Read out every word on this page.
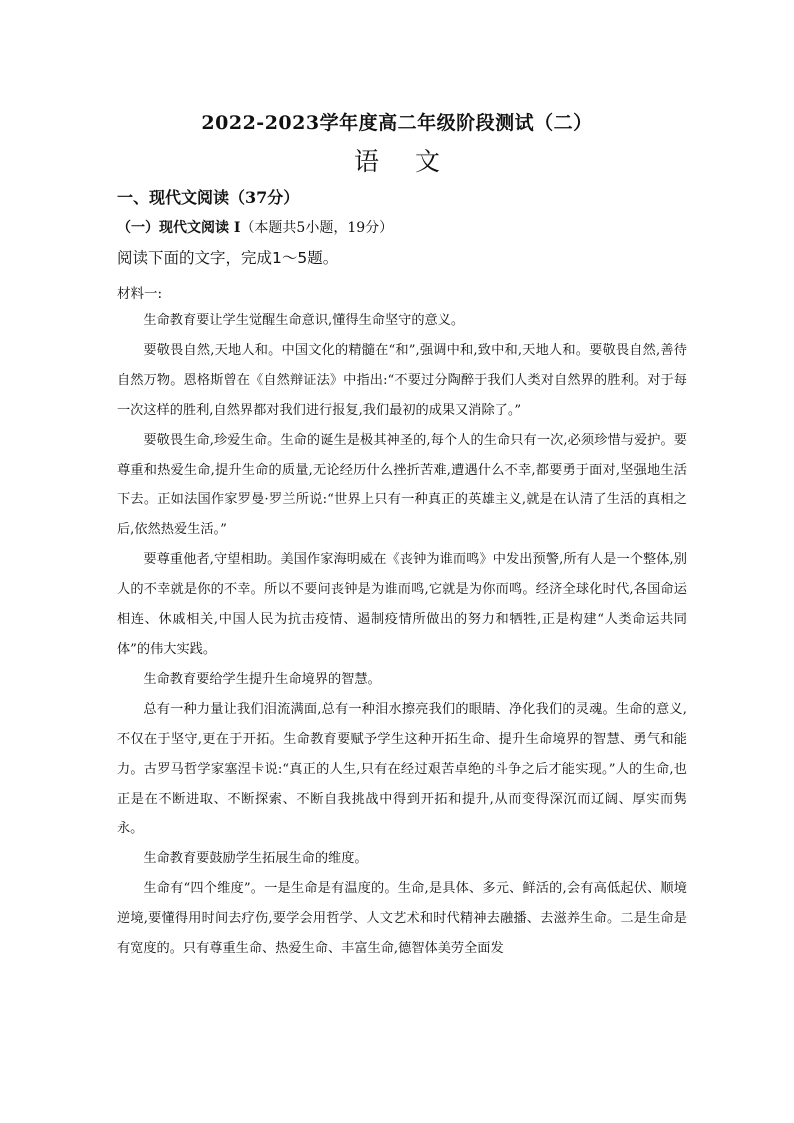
2022-2023学年度高二年级阶段测试（二）
语 文
一、现代文阅读（37分）
（一）现代文阅读 I（本题共5小题，19分）
阅读下面的文字，完成1～5题。
材料一:

生命教育要让学生觉醒生命意识,懂得生命坚守的意义。

要敬畏自然,天地人和。中国文化的精髓在“和”,强调中和,致中和,天地人和。要敬畏自然,善待自然万物。恩格斯曾在《自然辩证法》中指出:“不要过分陶醉于我们人类对自然界的胜利。对于每一次这样的胜利,自然界都对我们进行报复,我们最初的成果又消除了。”

要敬畏生命,珍爱生命。生命的诞生是极其神圣的,每个人的生命只有一次,必须珍惜与爱护。要尊重和热爱生命,提升生命的质量,无论经历什么挫折苦难,遭遇什么不幸,都要勇于面对,坚强地生活下去。正如法国作家罗曼·罗兰所说:“世界上只有一种真正的英雄主义,就是在认清了生活的真相之后,依然热爱生活。”

要尊重他者,守望相助。美国作家海明威在《丧钟为谁而鸣》中发出预警,所有人是一个整体,别人的不幸就是你的不幸。所以不要问丧钟是为谁而鸣,它就是为你而鸣。经济全球化时代,各国命运相连、休戚相关,中国人民为抗击疫情、遏制疫情所做出的努力和牺牲,正是构建“人类命运共同体”的伟大实践。

生命教育要给学生提升生命境界的智慧。

总有一种力量让我们泪流满面,总有一种泪水擦亮我们的眼睛、净化我们的灵魂。生命的意义,不仅在于坚守,更在于开拓。生命教育要赋予学生这种开拓生命、提升生命境界的智慧、勇气和能力。古罗马哲学家塞涅卡说:“真正的人生,只有在经过艰苦卓绝的斗争之后才能实现。”人的生命,也正是在不断进取、不断探索、不断自我挑战中得到开拓和提升,从而变得深沉而辽阔、厚实而隽永。

生命教育要鼓励学生拓展生命的维度。

生命有“四个维度”。一是生命是有温度的。生命,是具体、多元、鲜活的,会有高低起伏、顺境逆境,要懂得用时间去疗伤,要学会用哲学、人文艺术和时代精神去融播、去滋养生命。二是生命是有宽度的。只有尊重生命、热爱生命、丰富生命,德智体美劳全面发
